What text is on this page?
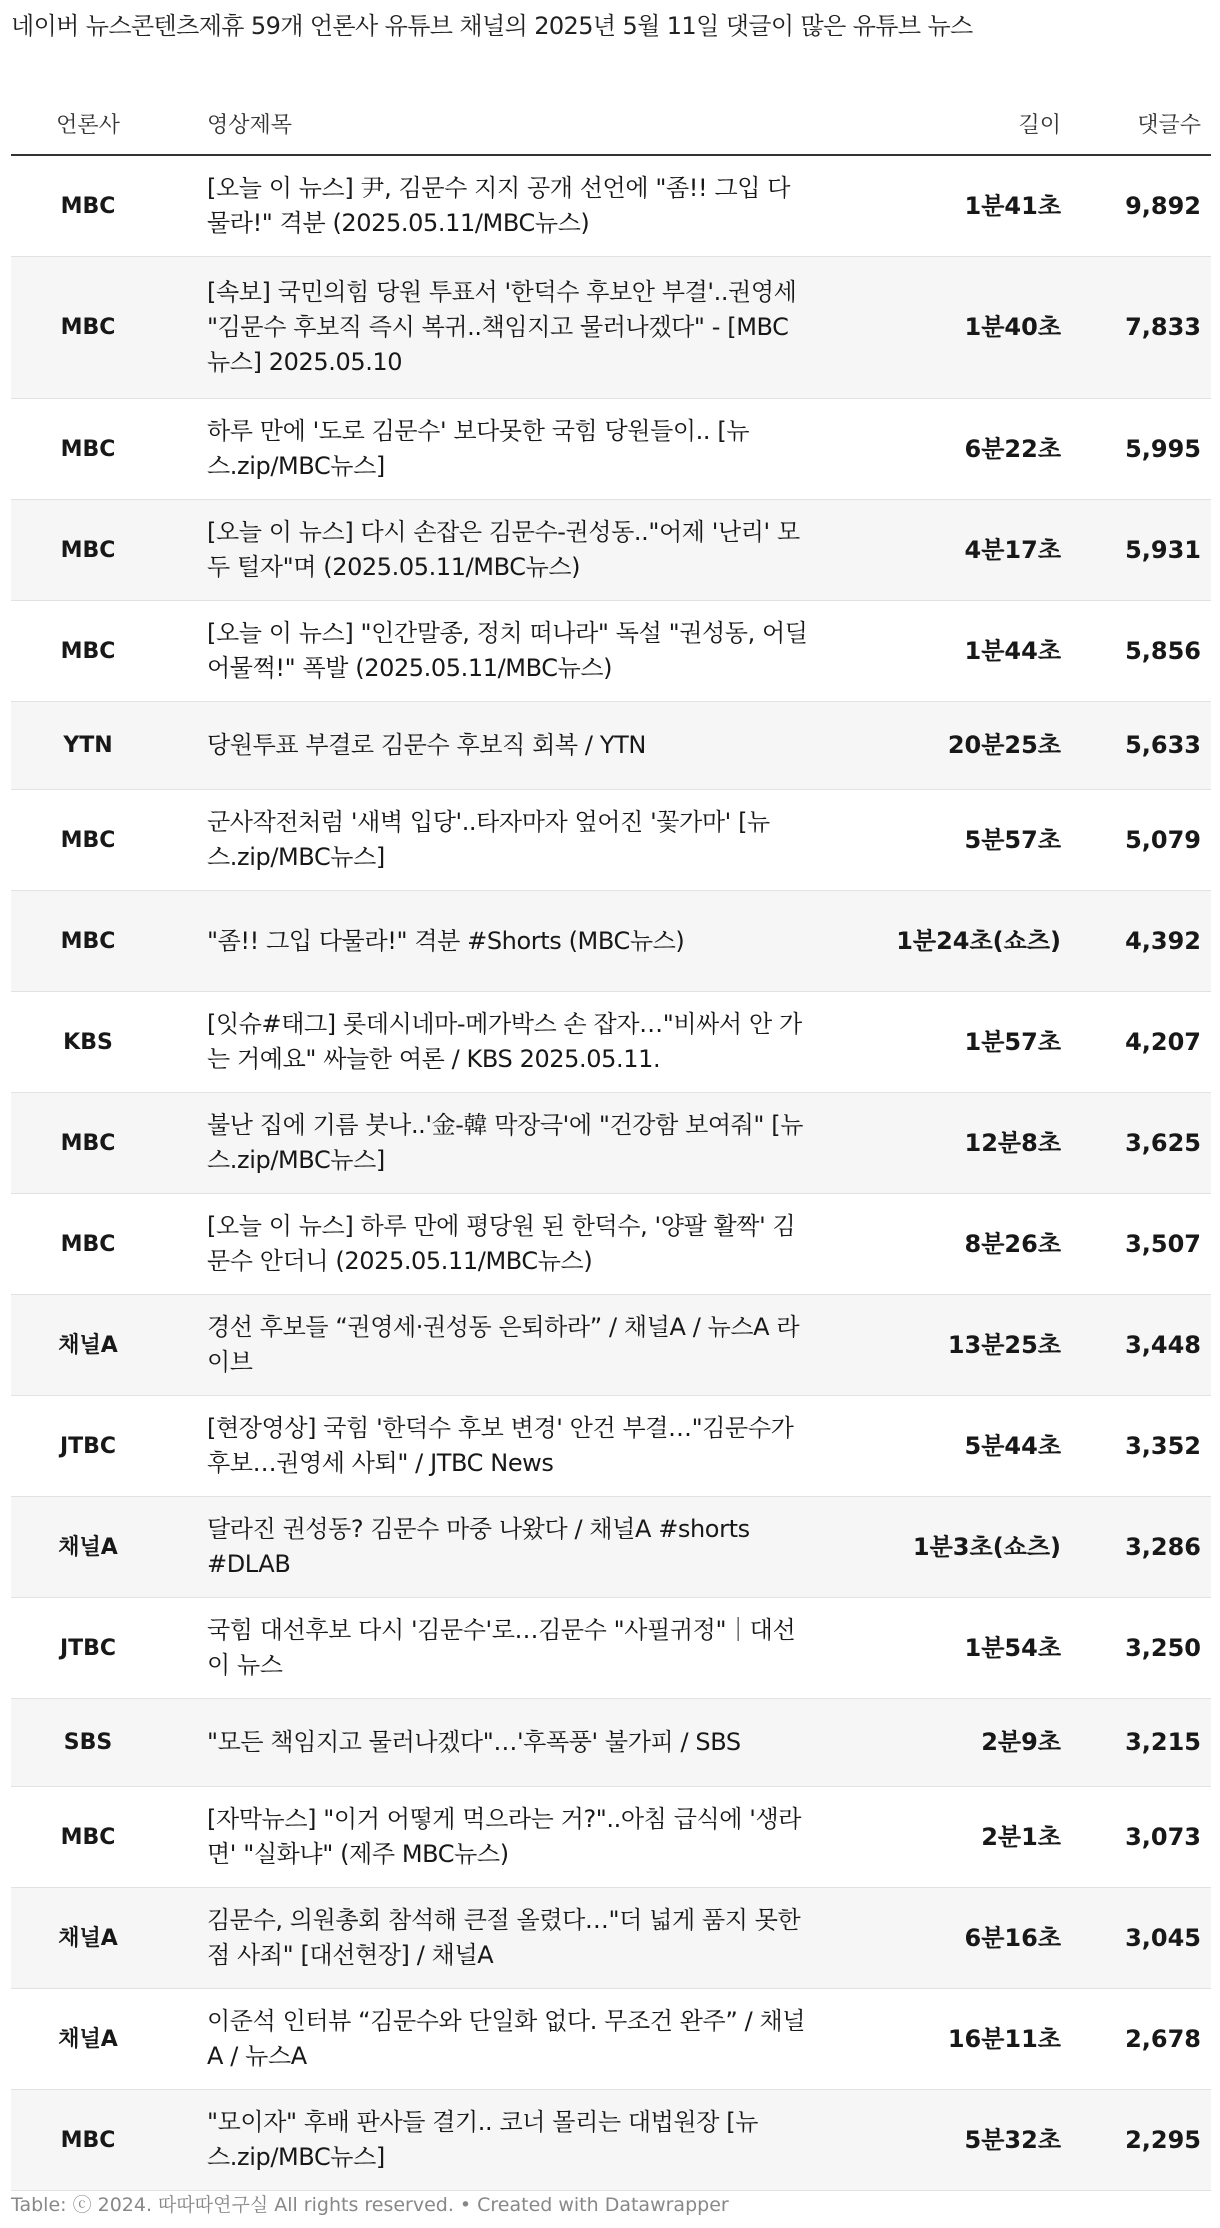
네이버 뉴스콘텐츠제휴 59개 언론사 유튜브 채널의 2025년 5월 11일 댓글이 많은 유튜브 뉴스
언론사	영상제목	길이	댓글수
MBC	[오늘 이 뉴스] 尹, 김문수 지지 공개 선언에 "좀!! 그입 다물라!" 격분 (2025.05.11/MBC뉴스)	1분41초	9,892
MBC	[속보] 국민의힘 당원 투표서 '한덕수 후보안 부결'..권영세 "김문수 후보직 즉시 복귀..책임지고 물러나겠다" - [MBC뉴스] 2025.05.10	1분40초	7,833
MBC	하루 만에 '도로 김문수' 보다못한 국힘 당원들이.. [뉴스.zip/MBC뉴스]	6분22초	5,995
MBC	[오늘 이 뉴스] 다시 손잡은 김문수-권성동.."어제 '난리' 모두 털자"며 (2025.05.11/MBC뉴스)	4분17초	5,931
MBC	[오늘 이 뉴스] "인간말종, 정치 떠나라" 독설 "권성동, 어딜 어물쩍!" 폭발 (2025.05.11/MBC뉴스)	1분44초	5,856
YTN	당원투표 부결로 김문수 후보직 회복 / YTN	20분25초	5,633
MBC	군사작전처럼 '새벽 입당'..타자마자 엎어진 '꽃가마' [뉴스.zip/MBC뉴스]	5분57초	5,079
MBC	"좀!! 그입 다물라!" 격분 #Shorts (MBC뉴스)	1분24초(쇼츠)	4,392
KBS	[잇슈#태그] 롯데시네마-메가박스 손 잡자…"비싸서 안 가는 거예요" 싸늘한 여론 / KBS 2025.05.11.	1분57초	4,207
MBC	불난 집에 기름 붓나..'金-韓 막장극'에 "건강함 보여줘" [뉴스.zip/MBC뉴스]	12분8초	3,625
MBC	[오늘 이 뉴스] 하루 만에 평당원 된 한덕수, '양팔 활짝' 김문수 안더니 (2025.05.11/MBC뉴스)	8분26초	3,507
채널A	경선 후보들 “권영세·권성동 은퇴하라” / 채널A / 뉴스A 라이브	13분25초	3,448
JTBC	[현장영상] 국힘 '한덕수 후보 변경' 안건 부결…"김문수가 후보…권영세 사퇴" / JTBC News	5분44초	3,352
채널A	달라진 권성동? 김문수 마중 나왔다 / 채널A #shorts #DLAB	1분3초(쇼츠)	3,286
JTBC	국힘 대선후보 다시 '김문수'로…김문수 "사필귀정"｜대선 이 뉴스	1분54초	3,250
SBS	"모든 책임지고 물러나겠다"…'후폭풍' 불가피 / SBS	2분9초	3,215
MBC	[자막뉴스] "이거 어떻게 먹으라는 거?"..아침 급식에 '생라면' "실화냐" (제주 MBC뉴스)	2분1초	3,073
채널A	김문수, 의원총회 참석해 큰절 올렸다…"더 넓게 품지 못한 점 사죄" [대선현장] / 채널A	6분16초	3,045
채널A	이준석 인터뷰 “김문수와 단일화 없다. 무조건 완주” / 채널A / 뉴스A	16분11초	2,678
MBC	"모이자" 후배 판사들 결기.. 코너 몰리는 대법원장 [뉴스.zip/MBC뉴스]	5분32초	2,295
Table: ⓒ 2024. 따따따연구실 All rights reserved. • Created with Datawrapper
